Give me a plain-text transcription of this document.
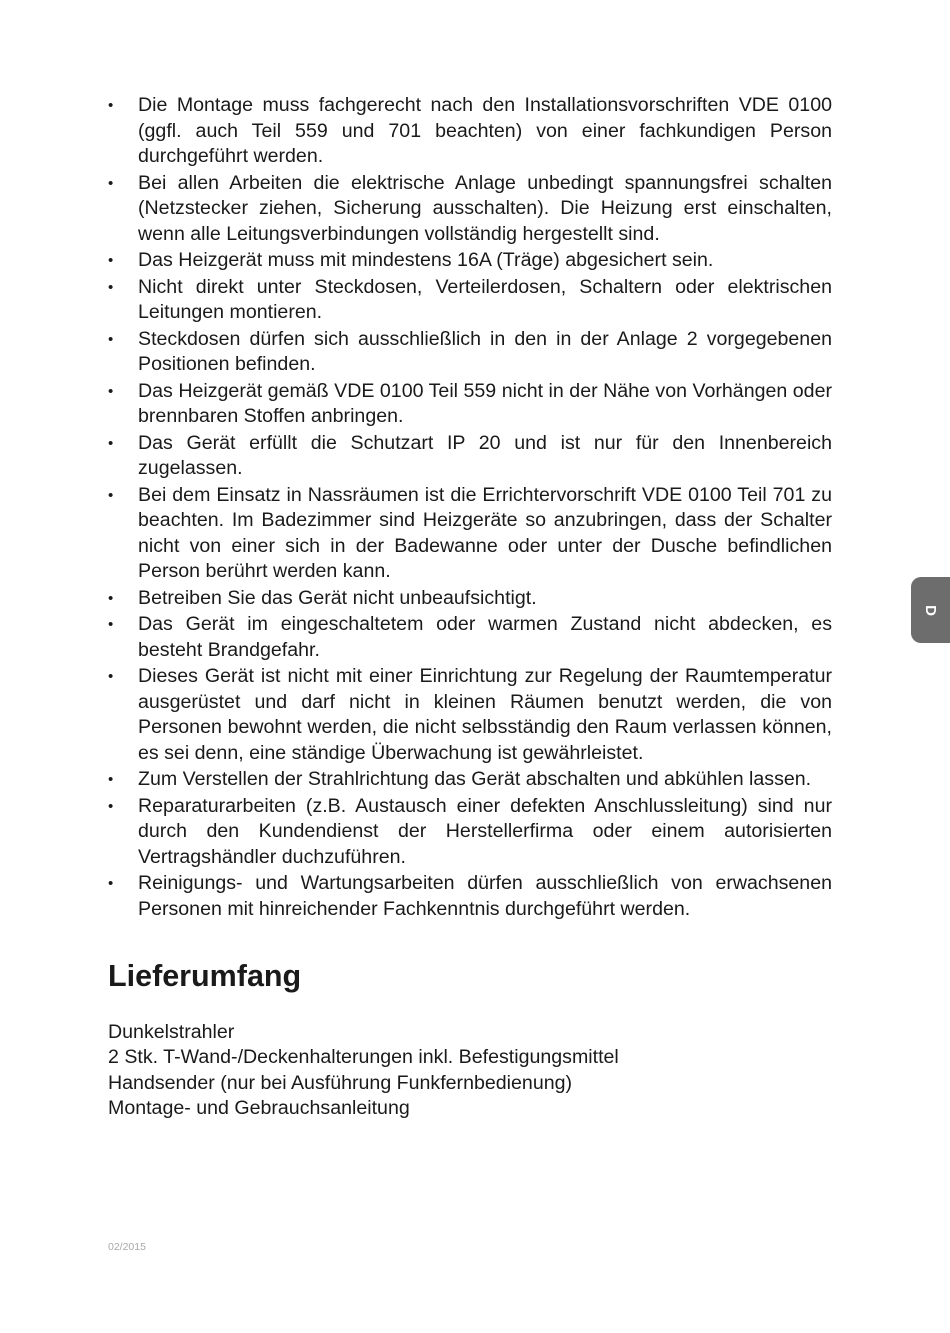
•	Die Montage muss fachgerecht nach den Installationsvorschriften VDE 0100 (ggfl. auch Teil 559 und 701 beachten) von einer fachkundigen Person durchgeführt werden.
•	Bei allen Arbeiten die elektrische Anlage unbedingt spannungsfrei schalten (Netzstecker ziehen, Sicherung ausschalten). Die Heizung erst einschalten, wenn alle Leitungsverbindungen vollständig hergestellt sind.
•	Das Heizgerät muss mit mindestens 16A (Träge) abgesichert sein.
•	Nicht direkt unter Steckdosen, Verteilerdosen, Schaltern oder elektrischen Leitungen montieren.
•	Steckdosen dürfen sich ausschließlich in den in der Anlage 2 vorgegebenen Positionen befinden.
•	Das Heizgerät gemäß VDE 0100 Teil 559 nicht in der Nähe von Vorhängen oder brennbaren Stoffen anbringen.
•	Das Gerät erfüllt die Schutzart IP 20 und ist nur für den Innenbereich zugelassen.
•	Bei dem Einsatz in Nassräumen ist die Errichtervorschrift VDE 0100 Teil 701 zu beachten. Im Badezimmer sind Heizgeräte so anzubringen, dass der Schalter nicht von einer sich in der Badewanne oder unter der Dusche befindlichen Person berührt werden kann.
•	Betreiben Sie das Gerät nicht unbeaufsichtigt.
•	Das Gerät im eingeschaltetem oder warmen Zustand nicht abdecken, es besteht Brandgefahr.
•	Dieses Gerät ist nicht mit einer Einrichtung zur Regelung der Raumtemperatur ausgerüstet und darf nicht in kleinen Räumen benutzt werden, die von Personen bewohnt werden, die nicht selbsständig den Raum verlassen können, es sei denn, eine ständige Überwachung ist gewährleistet.
•	Zum Verstellen der Strahlrichtung das Gerät abschalten und abkühlen lassen.
•	Reparaturarbeiten (z.B. Austausch einer defekten Anschlussleitung) sind nur durch den Kundendienst der Herstellerfirma oder einem autorisierten Vertragshändler duchzuführen.
•	Reinigungs- und Wartungsarbeiten dürfen ausschließlich von erwachsenen Personen mit hinreichender Fachkenntnis durchgeführt werden.
Lieferumfang
Dunkelstrahler
2 Stk. T-Wand-/Deckenhalterungen inkl. Befestigungsmittel
Handsender (nur bei Ausführung Funkfernbedienung)
Montage- und Gebrauchsanleitung
02/2015
D
